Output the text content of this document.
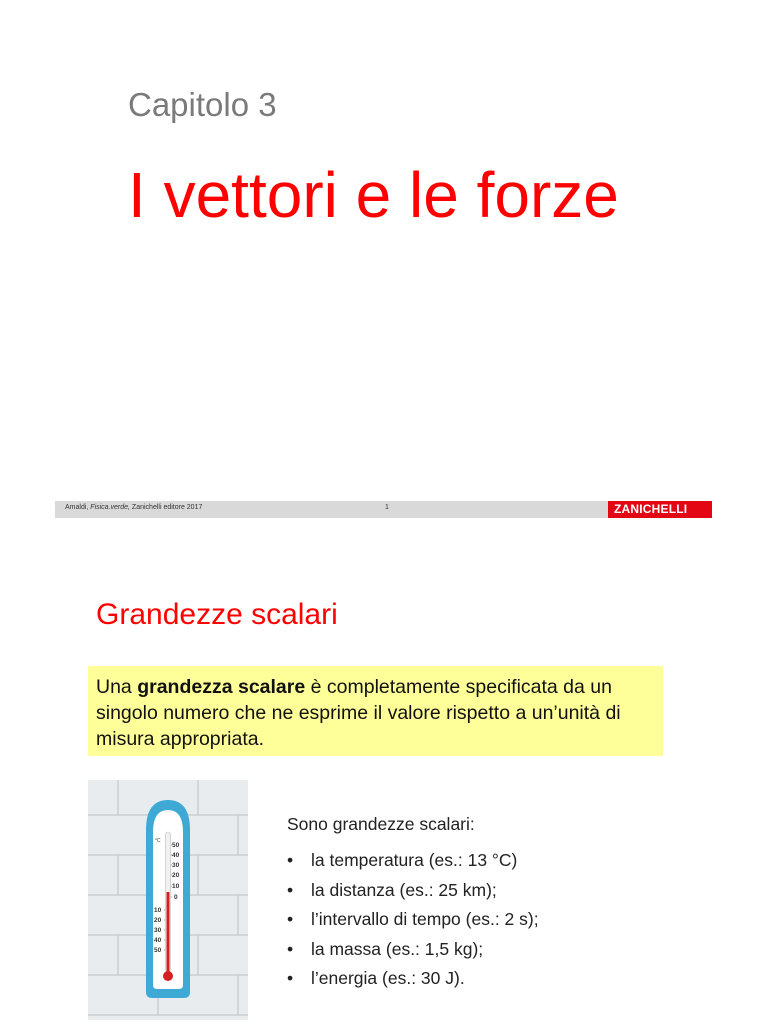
Capitolo 3
I vettori e le forze
Amaldi, Fisica.verde, Zanichelli editore 2017	1	ZANICHELLI
Grandezze scalari
Una grandezza scalare è completamente specificata da un singolo numero che ne esprime il valore rispetto a un’unità di misura appropriata.
°C
50
40
30
20
10
0
10
20
30
40
50
Sono grandezze scalari:
• la temperatura (es.: 13 °C)
• la distanza (es.: 25 km);
• l’intervallo di tempo (es.: 2 s);
• la massa (es.: 1,5 kg);
• l’energia (es.: 30 J).
